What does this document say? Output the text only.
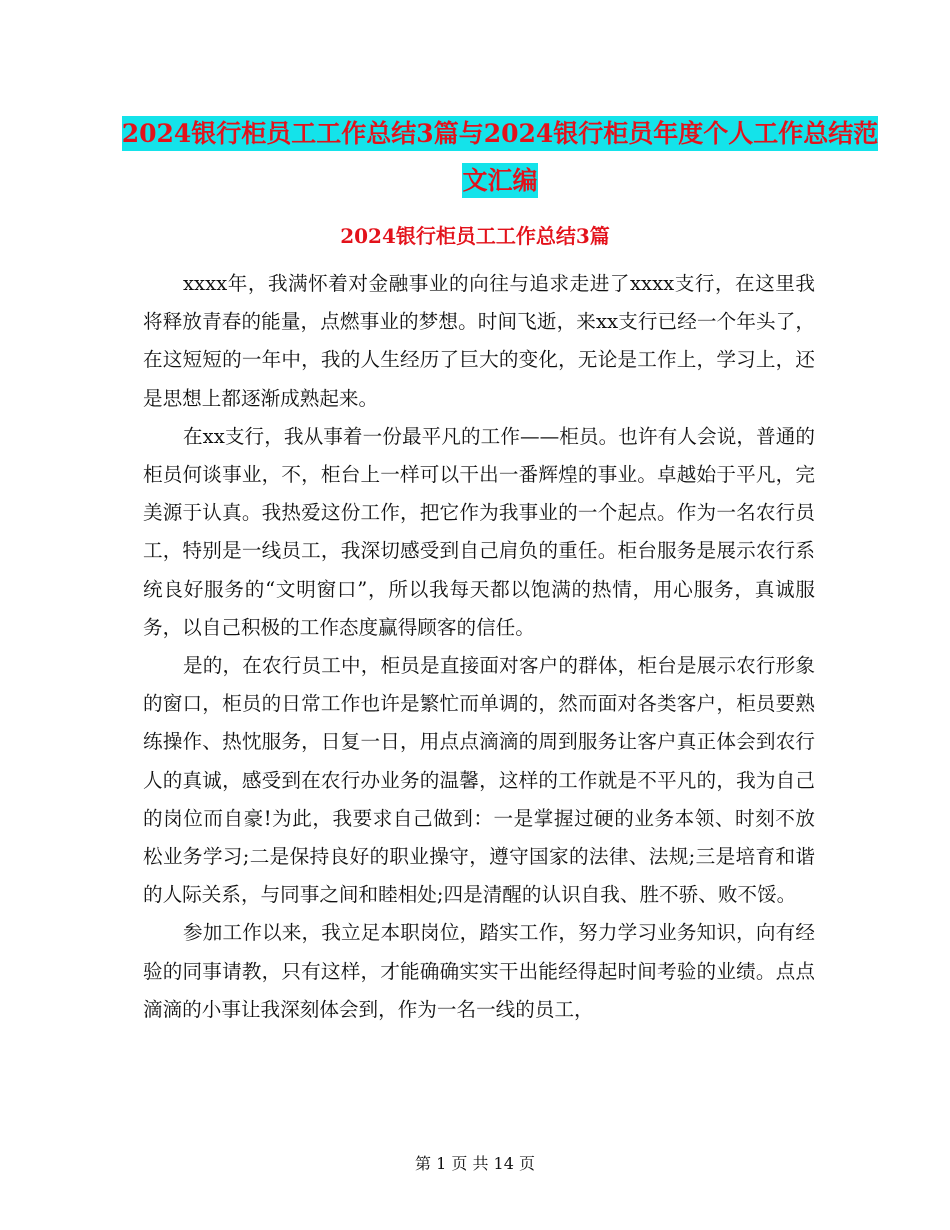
2024银行柜员工工作总结3篇与2024银行柜员年度个人工作总结范文汇编
2024银行柜员工工作总结3篇

xxxx年，我满怀着对金融事业的向往与追求走进了xxxx支行，在这里我将释放青春的能量，点燃事业的梦想。时间飞逝，来xx支行已经一个年头了，在这短短的一年中，我的人生经历了巨大的变化，无论是工作上，学习上，还是思想上都逐渐成熟起来。

在xx支行，我从事着一份最平凡的工作——柜员。也许有人会说，普通的柜员何谈事业，不，柜台上一样可以干出一番辉煌的事业。卓越始于平凡，完美源于认真。我热爱这份工作，把它作为我事业的一个起点。作为一名农行员工，特别是一线员工，我深切感受到自己肩负的重任。柜台服务是展示农行系统良好服务的“文明窗口”，所以我每天都以饱满的热情，用心服务，真诚服务，以自己积极的工作态度赢得顾客的信任。

是的，在农行员工中，柜员是直接面对客户的群体，柜台是展示农行形象的窗口，柜员的日常工作也许是繁忙而单调的，然而面对各类客户，柜员要熟练操作、热忱服务，日复一日，用点点滴滴的周到服务让客户真正体会到农行人的真诚，感受到在农行办业务的温馨，这样的工作就是不平凡的，我为自己的岗位而自豪!为此，我要求自己做到：一是掌握过硬的业务本领、时刻不放松业务学习;二是保持良好的职业操守，遵守国家的法律、法规;三是培育和谐的人际关系，与同事之间和睦相处;四是清醒的认识自我、胜不骄、败不馁。

参加工作以来，我立足本职岗位，踏实工作，努力学习业务知识，向有经验的同事请教，只有这样，才能确确实实干出能经得起时间考验的业绩。点点滴滴的小事让我深刻体会到，作为一名一线的员工，

第 1 页 共 14 页
